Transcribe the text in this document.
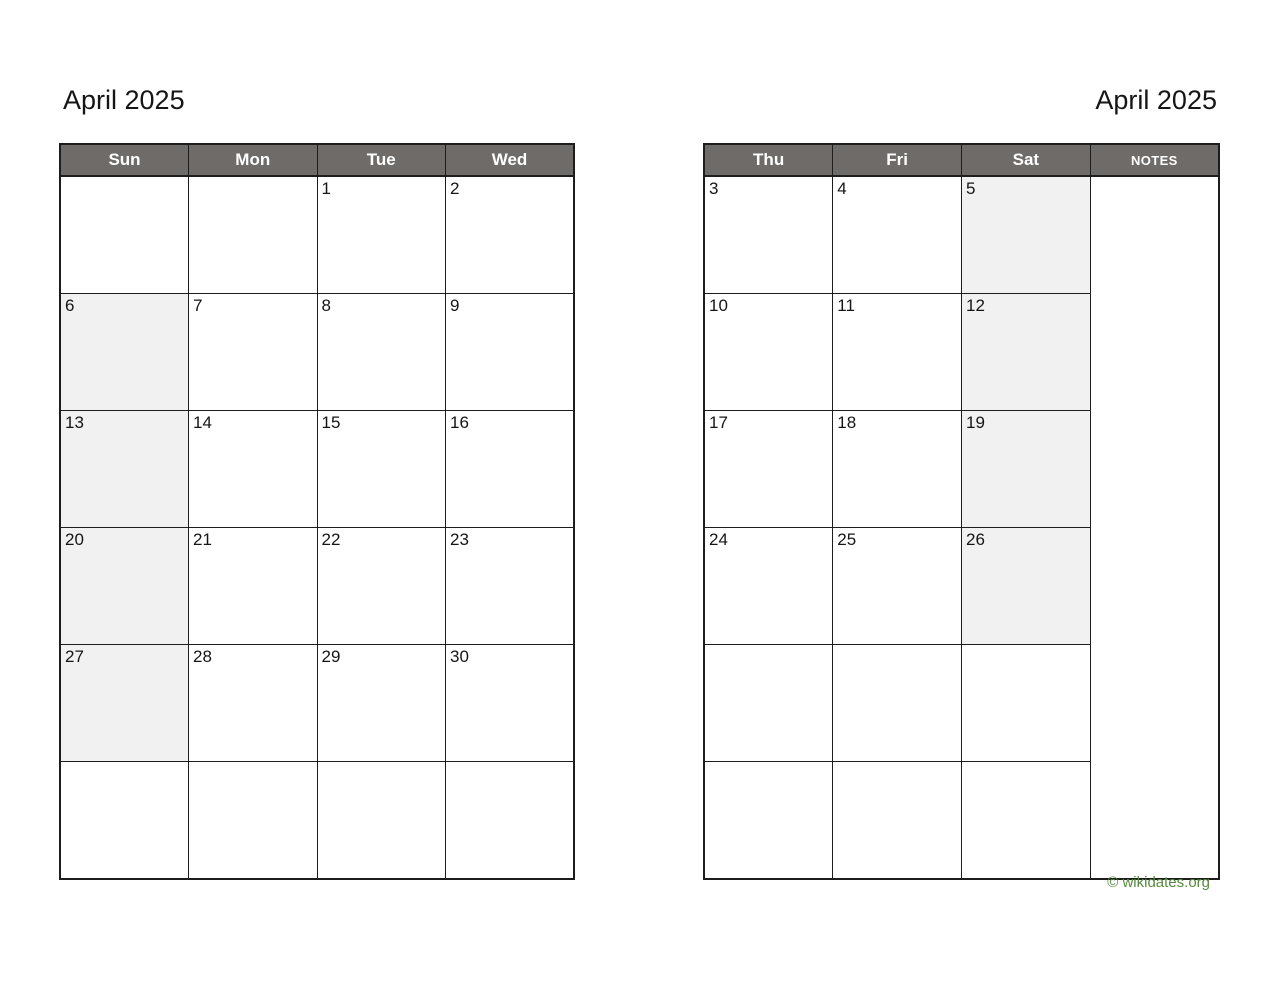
April 2025	April 2025
Sun	Mon	Tue	Wed
		1	2
6	7	8	9
13	14	15	16
20	21	22	23
27	28	29	30

Thu	Fri	Sat	NOTES
3	4	5	
10	11	12	
17	18	19	
24	25	26	

© wikidates.org
